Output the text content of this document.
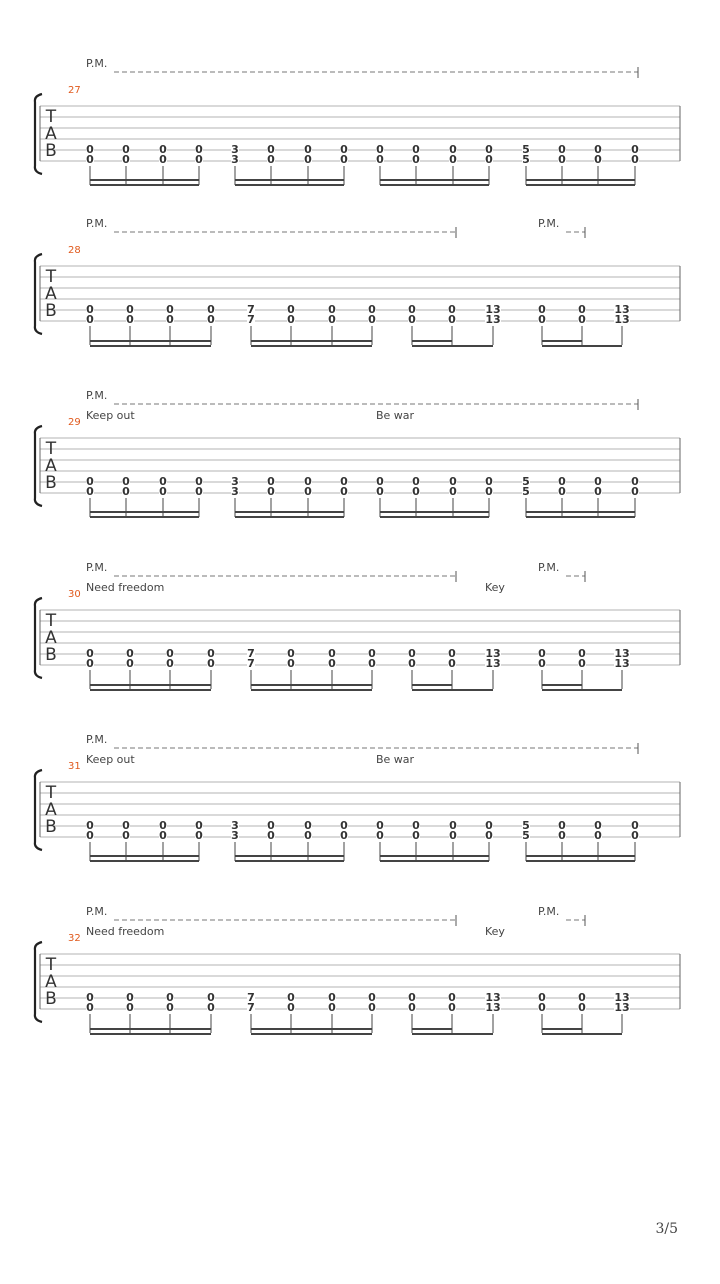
P.M.
27
T
A
B	0
0
0
0
0
0
0
0
3
3
0
0
0
0
0
0
0
0
0
0
0
0
0
0
5
5
0
0
0
0
0
0
P.M.	P.M.
28
T
A
B	0
0
0
0
0
0
0
0
7
7
0
0
0
0
0
0
0
0
0
0
13
13
0
0
0
0
13
13
Keep out	Be war
P.M.
29
T
A
B	0
0
0
0
0
0
0
0
3
3
0
0
0
0
0
0
0
0
0
0
0
0
0
0
5
5
0
0
0
0
0
0
Need freedom	Key
P.M.	P.M.
30
T
A
B	0
0
0
0
0
0
0
0
7
7
0
0
0
0
0
0
0
0
0
0
13
13
0
0
0
0
13
13
Keep out	Be war
P.M.
31
T
A
B	0
0
0
0
0
0
0
0
3
3
0
0
0
0
0
0
0
0
0
0
0
0
0
0
5
5
0
0
0
0
0
0
Need freedom	Key
P.M.	P.M.
32
T
A
B	0
0
0
0
0
0
0
0
7
7
0
0
0
0
0
0
0
0
0
0
13
13
0
0
0
0
13
13
3/5
